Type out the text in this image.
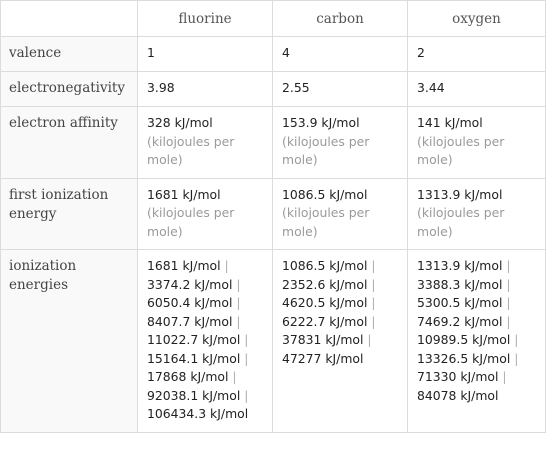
	fluorine	carbon	oxygen
valence	1	4	2
electronegativity	3.98	2.55	3.44
electron affinity	328 kJ/mol (kilojoules per mole)	153.9 kJ/mol (kilojoules per mole)	141 kJ/mol (kilojoules per mole)
first ionization energy	1681 kJ/mol (kilojoules per mole)	1086.5 kJ/mol (kilojoules per mole)	1313.9 kJ/mol (kilojoules per mole)
ionization energies	1681 kJ/mol | 3374.2 kJ/mol | 6050.4 kJ/mol | 8407.7 kJ/mol | 11022.7 kJ/mol | 15164.1 kJ/mol | 17868 kJ/mol | 92038.1 kJ/mol | 106434.3 kJ/mol	1086.5 kJ/mol | 2352.6 kJ/mol | 4620.5 kJ/mol | 6222.7 kJ/mol | 37831 kJ/mol | 47277 kJ/mol	1313.9 kJ/mol | 3388.3 kJ/mol | 5300.5 kJ/mol | 7469.2 kJ/mol | 10989.5 kJ/mol | 13326.5 kJ/mol | 71330 kJ/mol | 84078 kJ/mol
